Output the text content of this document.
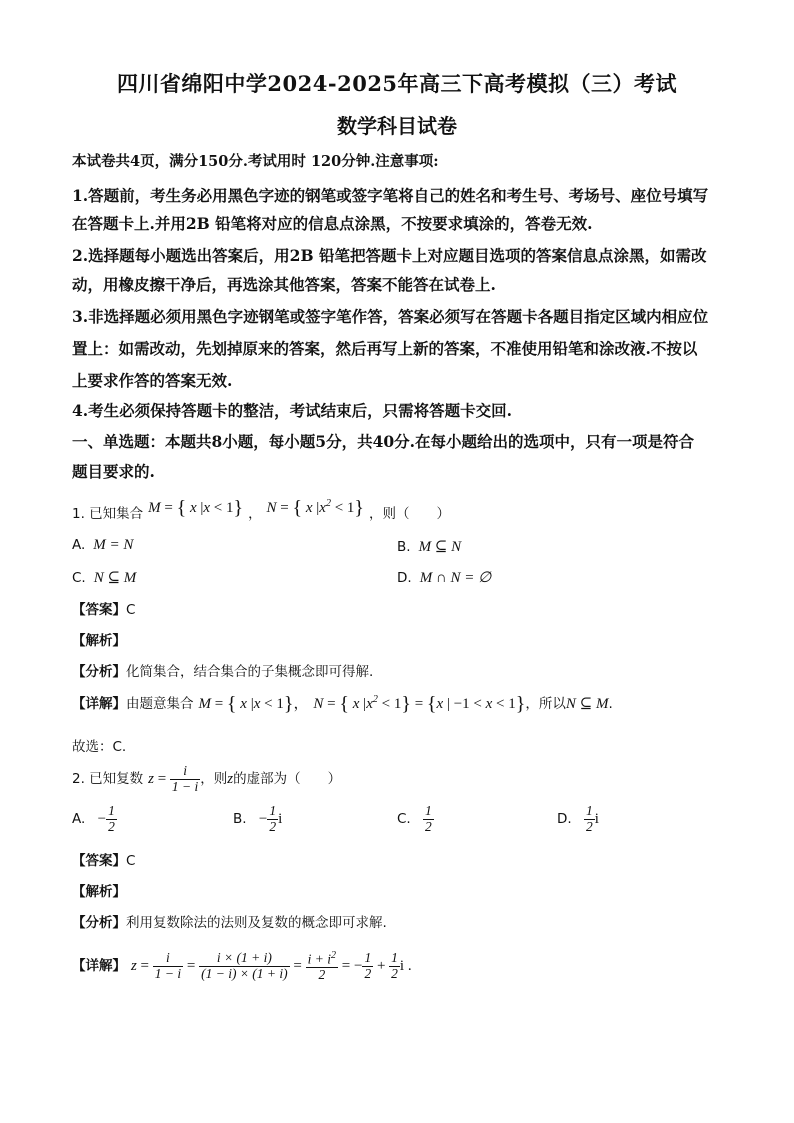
四川省绵阳中学2024-2025年高三下高考模拟（三）考试
数学科目试卷
本试卷共4页，满分150分.考试用时 120分钟.注意事项:
1.答题前，考生务必用黑色字迹的钢笔或签字笔将自己的姓名和考生号、考场号、座位号填写
在答题卡上.并用2B 铅笔将对应的信息点涂黑，不按要求填涂的，答卷无效.
2.选择题每小题选出答案后，用2B 铅笔把答题卡上对应题目选项的答案信息点涂黑，如需改
动，用橡皮擦干净后，再选涂其他答案，答案不能答在试卷上.
3.非选择题必须用黑色字迹钢笔或签字笔作答，答案必须写在答题卡各题目指定区域内相应位
置上：如需改动，先划掉原来的答案，然后再写上新的答案，不准使用铅笔和涂改液.不按以
上要求作答的答案无效.
4.考生必须保持答题卡的整洁，考试结束后，只需将答题卡交回.
一、单选题：本题共8小题，每小题5分，共40分.在每小题给出的选项中，只有一项是符合
题目要求的.
1. 已知集合 M = { x |x < 1} ， N = { x $|x^2 < 1$} ，则（　　）
A. M = N	B. M ⊆ N
C. N ⊆ M	D. M ∩ N = ∅
【答案】C
【解析】
【分析】化简集合，结合集合的子集概念即可得解.
【详解】由题意集合 M = { x |x < 1}， N = { x $|x^2 < 1\} = \{x$ | −1 < x < 1}，所以N ⊆ M.
故选：C.
2. 已知复数 $z = \frac{i}{1 - i}$ ，则z的虚部为（　　）
A. − $\frac{1}{2}$	B. − $\frac{1}{2}$ i	C. $\frac{1}{2}$	D. $\frac{1}{2}$ i
【答案】C
【解析】
【分析】利用复数除法的法则及复数的概念即可求解.
【详解】 $z = \frac{i}{1 - i} = \frac{i \times (1 + i)}{(1 - i) \times (1 + i)} = \frac{i + i^2}{2}$ = − $\frac{1}{2} + \frac{1}{2}$ i .
